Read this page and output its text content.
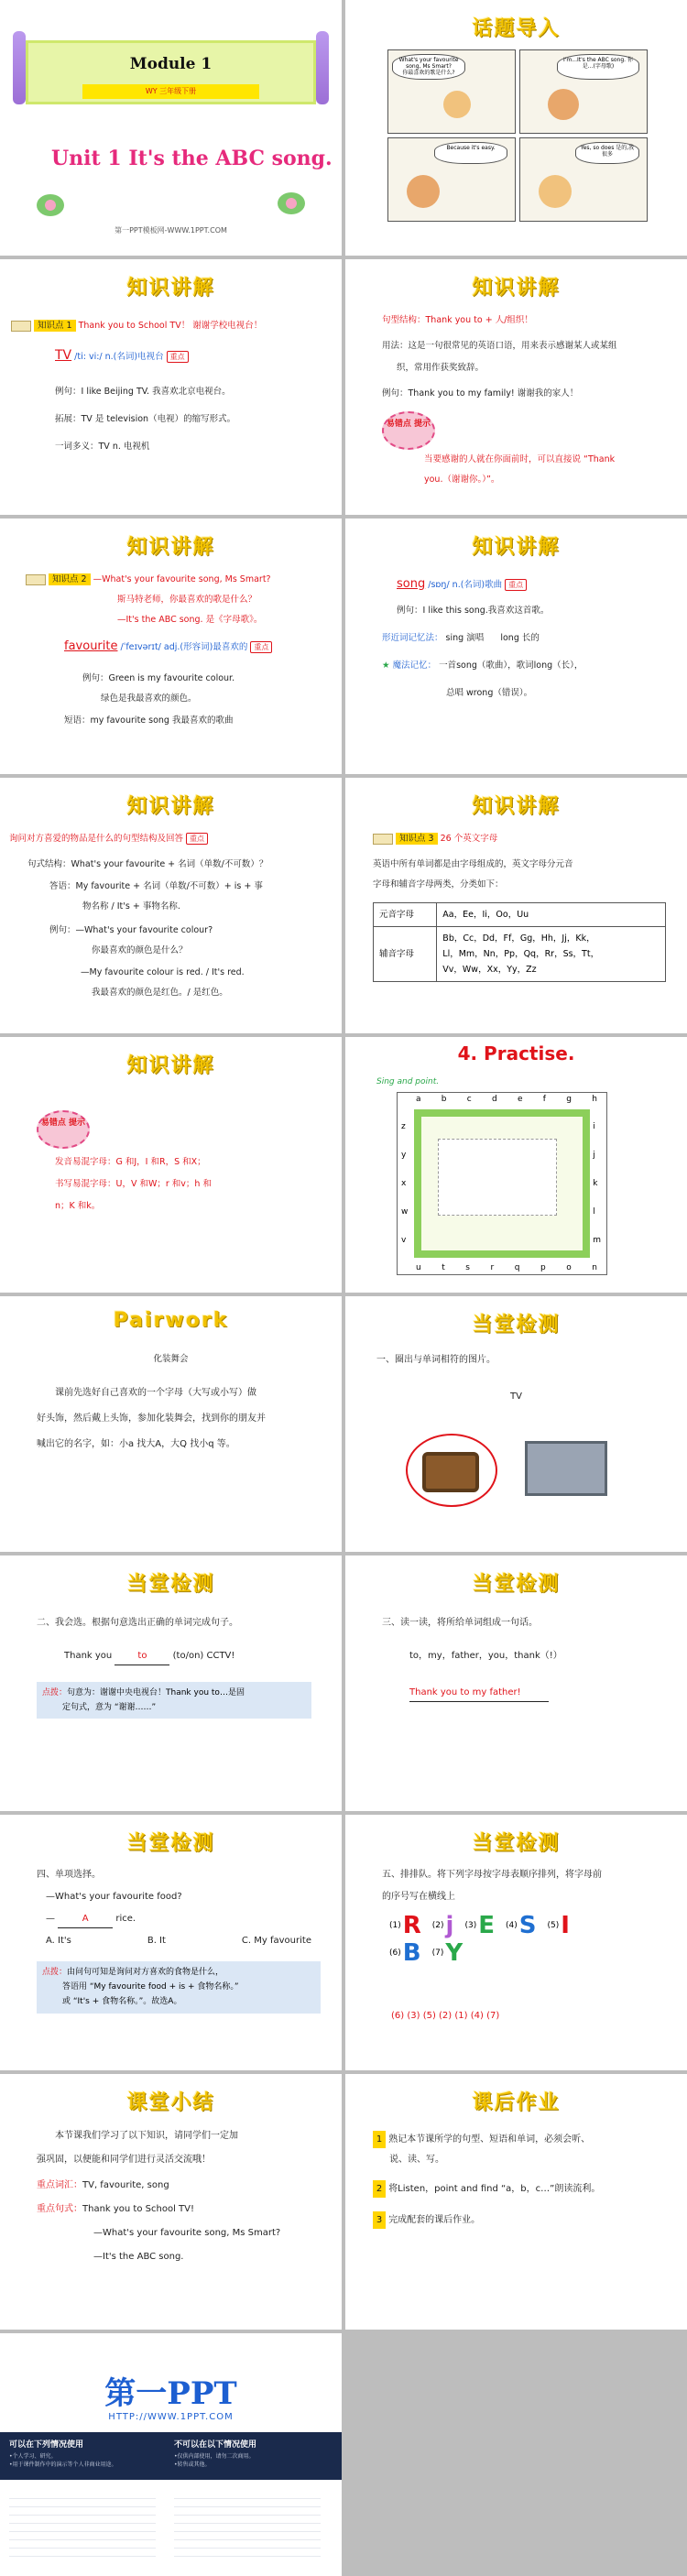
Module 1
WY 三年级下册
Unit 1 It's the ABC song.
第一PPT模板网-WWW.1PPT.COM
话题导入
What's your favourite song, Ms Smart?
你最喜欢的歌是什么?
I'm...It's the ABC song. 你是...(字母歌)
Because it's easy.	Yes, so does 是的,我很多
知识讲解
知识点 1 Thank you to School TV！ 谢谢学校电视台！
TV /ti: vi:/ n.(名词)电视台 重点
例句：I like Beijing TV. 我喜欢北京电视台。
拓展：TV 是 television（电视）的缩写形式。
一词多义：TV n. 电视机
知识讲解
句型结构：Thank you to + 人/组织！
用法：这是一句很常见的英语口语，用来表示感谢某人或某组
织，常用作获奖致辞。
例句：Thank you to my family! 谢谢我的家人！
易错点 提示
当要感谢的人就在你面前时，可以直接说 “Thank
you.（谢谢你。）”。
知识讲解
知识点 2 —What's your favourite song, Ms Smart?
斯马特老师，你最喜欢的歌是什么？
—It's the ABC song. 是《字母歌》。
favourite /ˈfeɪvərɪt/ adj.(形容词)最喜欢的 重点
例句：Green is my favourite colour.
绿色是我最喜欢的颜色。
短语：my favourite song 我最喜欢的歌曲
知识讲解
song /sɒŋ/ n.(名词)歌曲 重点
例句：I like this song.我喜欢这首歌。
形近词记忆法： sing 演唱 long 长的
★ 魔法记忆： 一首song（歌曲），歌词long（长），
总唱 wrong（错误）。
知识讲解
询问对方喜爱的物品是什么的句型结构及回答 重点
句式结构：What's your favourite + 名词（单数/不可数）？
答语：My favourite + 名词（单数/不可数）+ is + 事
物名称 / It's + 事物名称.
例句：—What's your favourite colour?
你最喜欢的颜色是什么？
—My favourite colour is red. / It's red.
我最喜欢的颜色是红色。/ 是红色。
知识讲解
知识点 3 26 个英文字母
英语中所有单词都是由字母组成的，英文字母分元音
字母和辅音字母两类，分类如下：
元音字母	Aa，Ee，Ii，Oo，Uu
辅音字母	Bb，Cc，Dd，Ff，Gg，Hh，Jj，Kk，
Ll，Mm，Nn，Pp，Qq，Rr，Ss，Tt，
Vv，Ww，Xx，Yy，Zz
知识讲解
易错点 提示
发音易混字母：G 和J，I 和R，S 和X；
书写易混字母：U，V 和W；r 和v；h 和
n；K 和k。
4. Practise.
Sing and point.
a b c d e f g h
z
y
x
w
v
i
j
k
l
m
u	t	s	r	q	p	o	n
Pairwork
化装舞会
课前先选好自己喜欢的一个字母（大写或小写）做
好头饰，然后戴上头饰，参加化装舞会，找到你的朋友并
喊出它的名字，如：小a 找大A，大Q 找小q 等。
当堂检测
一、圈出与单词相符的图片。
TV
当堂检测
二、我会选。根据句意选出正确的单词完成句子。
Thank you	to	(to/on) CCTV!
点拨：句意为：谢谢中央电视台！Thank you to…是固
定句式，意为 “谢谢……”
当堂检测
三、读一读，将所给单词组成一句话。
to，my，father，you，thank（!）
Thank you to my father!
当堂检测
四、单项选择。
—What's your favourite food?
—	A	rice.
A. It's	B. It	C. My favourite
点拨：由问句可知是询问对方喜欢的食物是什么，
答语用 “My favourite food + is + 食物名称。”
或 “It's + 食物名称。”。故选A。
当堂检测
五、排排队。将下列字母按字母表顺序排列，将字母前
的序号写在横线上
(1) R (2) j (3) E (4) S (5) I
(6) B (7) Y
(6) (3) (5) (2) (1) (4) (7)
课堂小结
本节课我们学习了以下知识，请同学们一定加
强巩固，以便能和同学们进行灵活交流哦！
重点词汇：TV, favourite, song
重点句式：Thank you to School TV!
—What's your favourite song, Ms Smart?
—It's the ABC song.
课后作业
1 熟记本节课所学的句型、短语和单词，必须会听、
说、读、写。
2 将Listen，point and find “a，b，c…”朗读流利。
3 完成配套的课后作业。
第一PPT
HTTP://WWW.1PPT.COM
可以在下列情况使用
•个人学习、研究。
•用于课件制作中的演示等个人非商业用途。
不可以在以下情况使用
•仅供内部使用，请勿二次商用。
•转售或其他。
